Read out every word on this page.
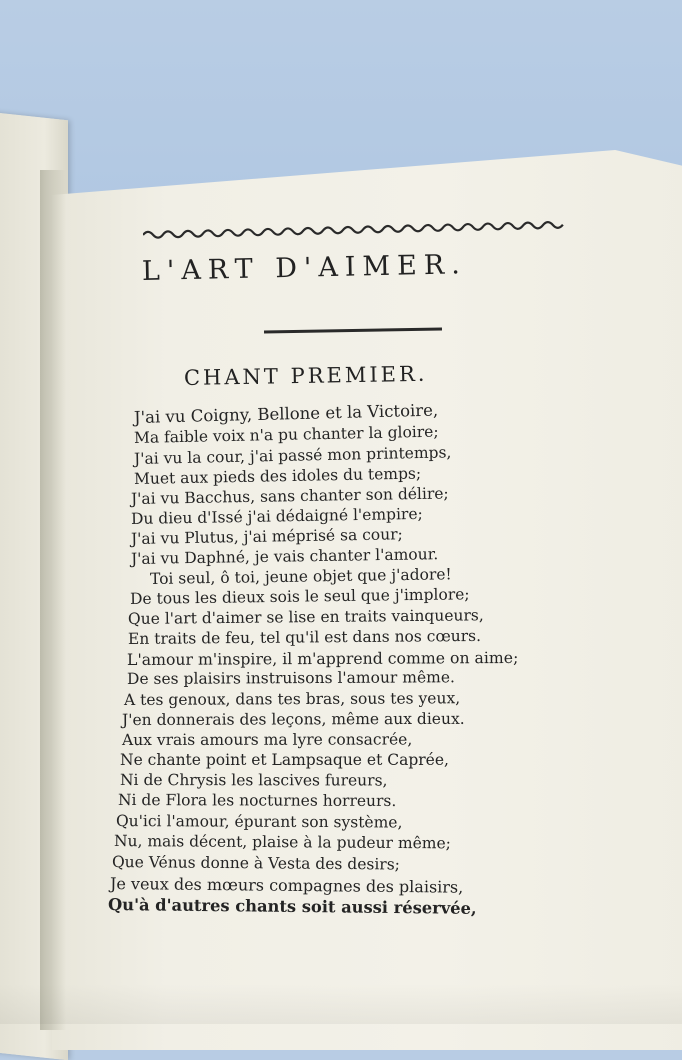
L'ART D'AIMER.
CHANT PREMIER.
J'ai vu Coigny, Bellone et la Victoire,
Ma faible voix n'a pu chanter la gloire;
J'ai vu la cour, j'ai passé mon printemps,
Muet aux pieds des idoles du temps;
J'ai vu Bacchus, sans chanter son délire;
Du dieu d'Issé j'ai dédaigné l'empire;
J'ai vu Plutus, j'ai méprisé sa cour;
J'ai vu Daphné, je vais chanter l'amour.
Toi seul, ô toi, jeune objet que j'adore!
De tous les dieux sois le seul que j'implore;
Que l'art d'aimer se lise en traits vainqueurs,
En traits de feu, tel qu'il est dans nos cœurs.
L'amour m'inspire, il m'apprend comme on aime;
De ses plaisirs instruisons l'amour même.
A tes genoux, dans tes bras, sous tes yeux,
J'en donnerais des leçons, même aux dieux.
Aux vrais amours ma lyre consacrée,
Ne chante point et Lampsaque et Caprée,
Ni de Chrysis les lascives fureurs,
Ni de Flora les nocturnes horreurs.
Qu'ici l'amour, épurant son système,
Nu, mais décent, plaise à la pudeur même;
Que Vénus donne à Vesta des desirs;
Je veux des mœurs compagnes des plaisirs,
Qu'à d'autres chants soit aussi réservée,
